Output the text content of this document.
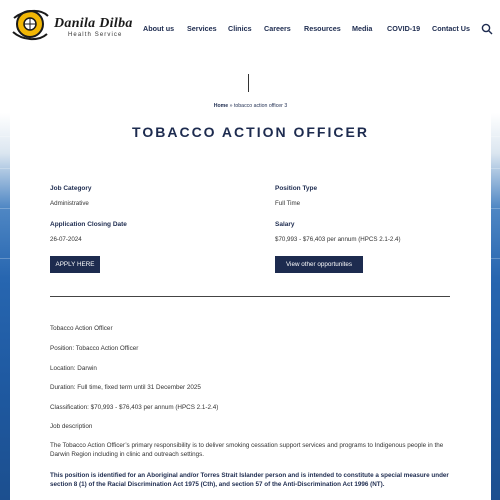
Danila Dilba
Health Service
About us Services Clinics Careers Resources Media COVID-19 Contact Us
Home » tobacco action officer 3
TOBACCO ACTION OFFICER
Job Category
Administrative
Position Type
Full Time
Application Closing Date
26-07-2024
Salary
$70,993 - $76,403 per annum (HPCS 2.1-2.4)
APPLY HERE	View other opportunites
Tobacco Action Officer
Position: Tobacco Action Officer
Location: Darwin
Duration: Full time, fixed term until 31 December 2025
Classification: $70,993 - $76,403 per annum (HPCS 2.1-2.4)
Job description
The Tobacco Action Officer’s primary responsibility is to deliver smoking cessation support services and programs to Indigenous people in the Darwin Region including in clinic and outreach settings.
This position is identified for an Aboriginal and/or Torres Strait Islander person and is intended to constitute a special measure under section 8 (1) of the Racial Discrimination Act 1975 (Cth), and section 57 of the Anti-Discrimination Act 1996 (NT).
